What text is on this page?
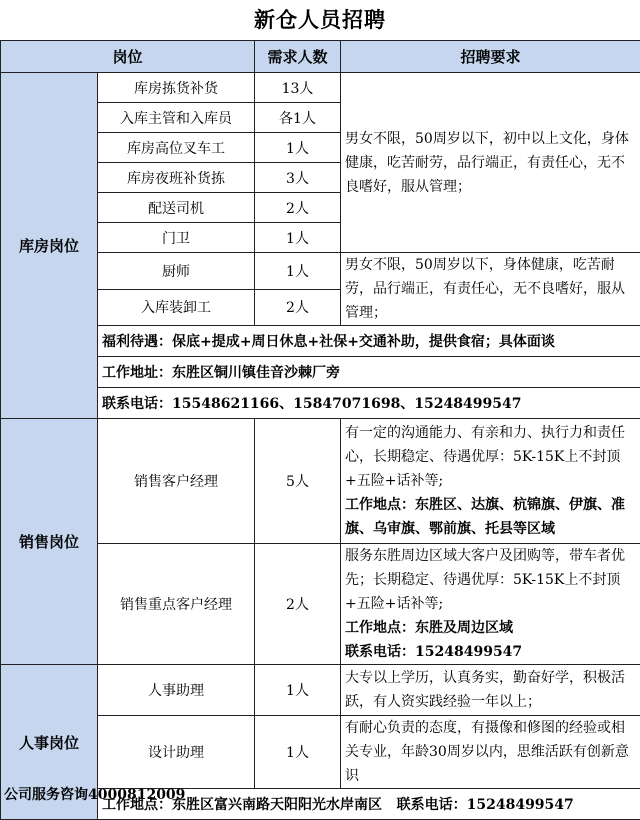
新仓人员招聘
岗位		需求人数	招聘要求
库房岗位	库房拣货补货	13人	男女不限，50周岁以下，初中以上文化，身体健康，吃苦耐劳，品行端正，有责任心，无不良嗜好，服从管理；
	入库主管和入库员	各1人	
	库房高位叉车工	1人	
	库房夜班补货拣	3人	
	配送司机	2人	
	门卫	1人	
	厨师	1人	男女不限，50周岁以下，身体健康，吃苦耐劳，品行端正，有责任心，无不良嗜好，服从管理；
	入库装卸工	2人	
	福利待遇：保底+提成+周日休息+社保+交通补助，提供食宿；具体面谈		
	工作地址：东胜区铜川镇佳音沙棘厂旁		
	联系电话：15548621166、15847071698、15248499547		
销售岗位	销售客户经理	5人	有一定的沟通能力、有亲和力、执行力和责任心，长期稳定、待遇优厚：5K-15K上不封顶+五险+话补等;
工作地点：东胜区、达旗、杭锦旗、伊旗、准旗、乌审旗、鄂前旗、托县等区域
	销售重点客户经理	2人	服务东胜周边区域大客户及团购等，带车者优先；长期稳定、待遇优厚：5K-15K上不封顶+五险+话补等;
工作地点：东胜及周边区域
联系电话：15248499547
人事岗位	人事助理	1人	大专以上学历，认真务实，勤奋好学，积极活跃，有人资实践经验一年以上；
	设计助理	1人	有耐心负责的态度，有摄像和修图的经验或相关专业，年龄30周岁以内，思维活跃有创新意识
	工作地点：东胜区富兴南路天阳阳光水岸南区   联系电话：15248499547		
公司服务咨询4000812009
